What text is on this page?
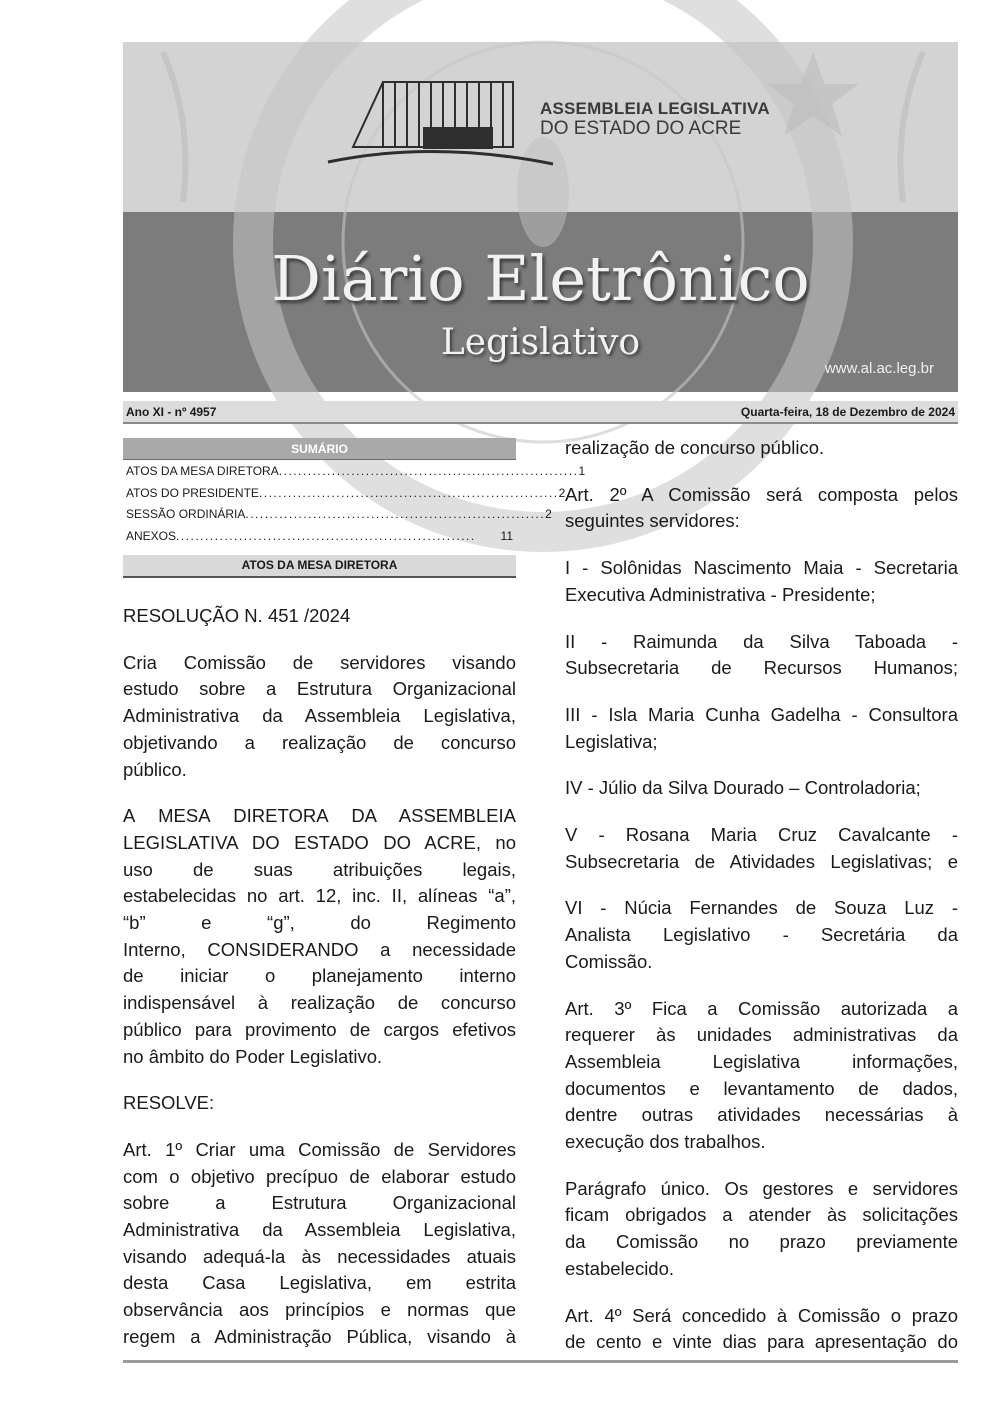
ASSEMBLEIA LEGISLATIVA
DO ESTADO DO ACRE
Diário Eletrônico
Legislativo
www.al.ac.leg.br
Ano XI - nº 4957	Quarta-feira, 18 de Dezembro de 2024
SUMÁRIO
ATOS DA MESA DIRETORA .............................................................. 1
ATOS DO PRESIDENTE .............................................................. 2
SESSÃO ORDINÁRIA .............................................................. 2
ANEXOS ..............................................................	11
ATOS DA MESA DIRETORA

RESOLUÇÃO N. 451 /2024

Cria Comissão de servidores visando

estudo sobre a Estrutura Organizacional

Administrativa da Assembleia Legislativa,

objetivando a realização de concurso

público.

A MESA DIRETORA DA ASSEMBLEIA

LEGISLATIVA DO ESTADO DO ACRE, no

uso de suas atribuições legais,

estabelecidas no art. 12, inc. II, alíneas “a”,

“b” e “g”, do Regimento

Interno, CONSIDERANDO a necessidade

de iniciar o planejamento interno

indispensável à realização de concurso

público para provimento de cargos efetivos

no âmbito do Poder Legislativo.

RESOLVE:

Art. 1º Criar uma Comissão de Servidores

com o objetivo precípuo de elaborar estudo

sobre a Estrutura Organizacional

Administrativa da Assembleia Legislativa,

visando adequá-la às necessidades atuais

desta Casa Legislativa, em estrita

observância aos princípios e normas que

regem a Administração Pública, visando à

realização de concurso público.

Art. 2º A Comissão será composta pelos

seguintes servidores:

I - Solônidas Nascimento Maia - Secretaria

Executiva Administrativa - Presidente;

II - Raimunda da Silva Taboada -

Subsecretaria de Recursos Humanos;

III - Isla Maria Cunha Gadelha - Consultora

Legislativa;

IV - Júlio da Silva Dourado – Controladoria;

V - Rosana Maria Cruz Cavalcante -

Subsecretaria de Atividades Legislativas; e

VI - Núcia Fernandes de Souza Luz -

Analista Legislativo - Secretária da

Comissão.

Art. 3º Fica a Comissão autorizada a

requerer às unidades administrativas da

Assembleia Legislativa informações,

documentos e levantamento de dados,

dentre outras atividades necessárias à

execução dos trabalhos.

Parágrafo único. Os gestores e servidores

ficam obrigados a atender às solicitações

da Comissão no prazo previamente

estabelecido.

Art. 4º Será concedido à Comissão o prazo

de cento e vinte dias para apresentação do
